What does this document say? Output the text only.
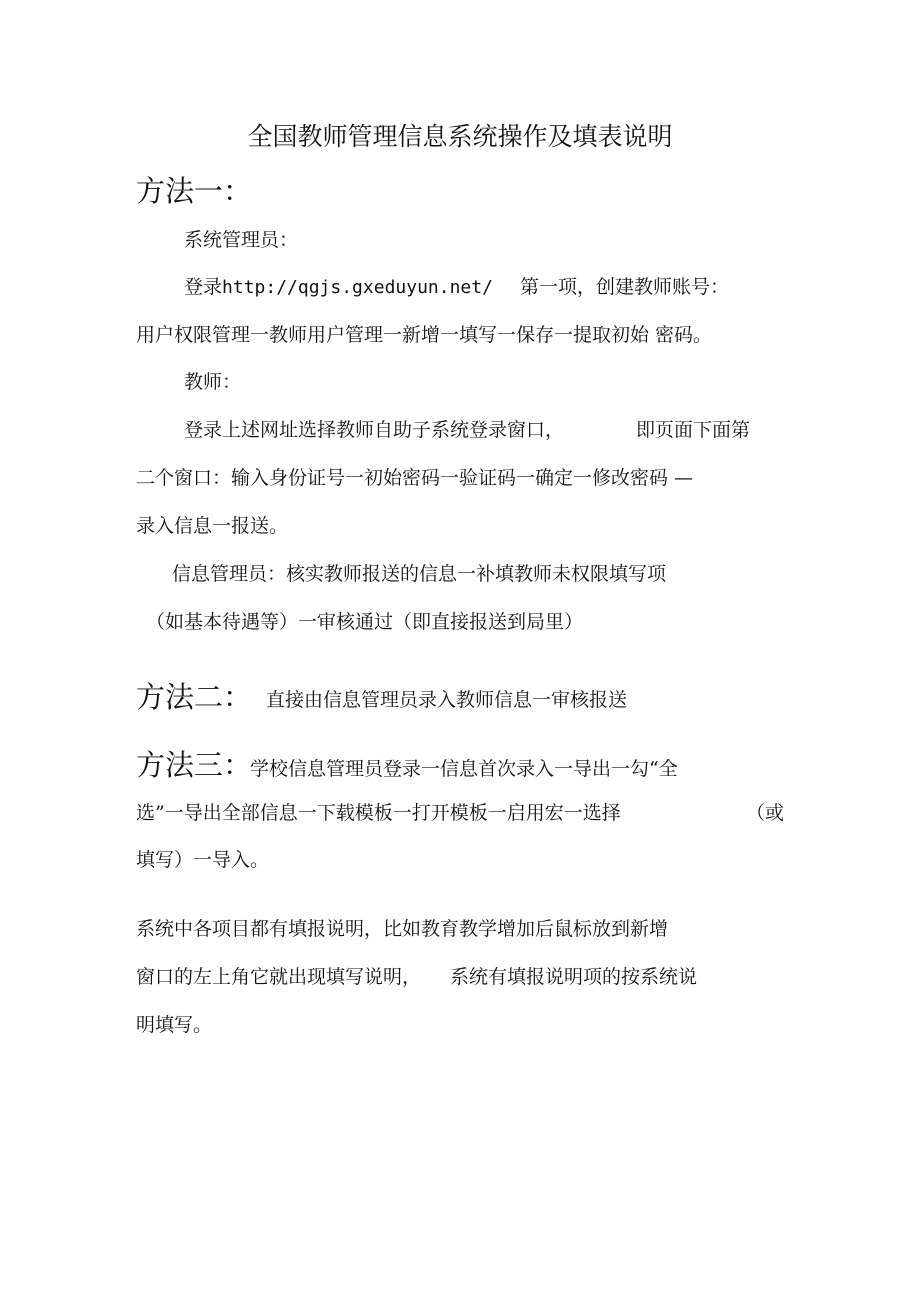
全国教师管理信息系统操作及填表说明
方法一：
系统管理员：
登录http://qgjs.gxeduyun.net/ 第一项，创建教师账号：
用户权限管理一教师用户管理一新增一填写一保存一提取初始 密码。
教师：
登录上述网址选择教师自助子系统登录窗口，	即页面下面第
二个窗口：输入身份证号一初始密码一验证码一确定一修改密码 —
录入信息一报送。
信息管理员：核实教师报送的信息一补填教师未权限填写项
（如基本待遇等）一审核通过（即直接报送到局里）
方法二： 直接由信息管理员录入教师信息一审核报送
方法三：
学校信息管理员登录一信息首次录入一导出一勾“全
选”一导出全部信息一下载模板一打开模板一启用宏一选择	（或
填写）一导入。
系统中各项目都有填报说明，比如教育教学增加后鼠标放到新增
窗口的左上角它就出现填写说明， 系统有填报说明项的按系统说
明填写。
